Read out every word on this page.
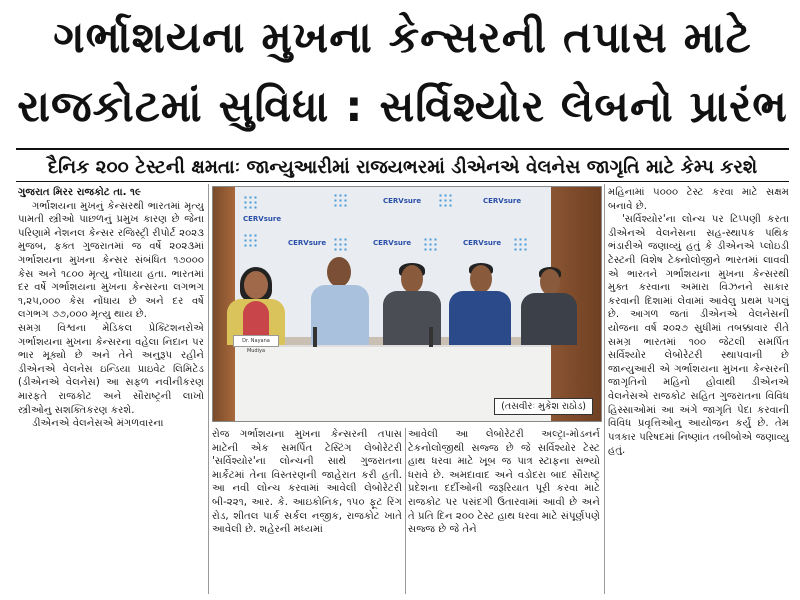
ગર્ભાશયના મુખના કેન્સરની તપાસ માટે
રાજકોટમાં સુવિધા : સર્વિશ્યોર લેબનો પ્રારંભ
દૈનિક ૨૦૦ ટેસ્ટની ક્ષમતાઃ જાન્યુઆરીમાં રાજયભરમાં ડીએનએ વેલનેસ જાગૃતિ માટે કેમ્પ કરશે

ગુજરાત મિરર રાજકોટ તા. ૧૯

ગર્ભાશયના મુખનું કેન્સરથી ભારતમાં મૃત્યુ પામતી સ્ત્રીઓ પાછળનું પ્રમુખ કારણ છે જેના પરિણામે નેશનલ કેન્સર રજિસ્ટ્રી રીપોર્ટ ૨૦૨૩ મુજબ, ફક્ત ગુજરાતમાં જ વર્ષે ૨૦૨૩માં ગર્ભાશયના મુખના કેન્સર સંબંધિત ૧૭૦૦૦ કેસ અને ૧૮૦૦ મૃત્યુ નોંધાયા હતા. ભારતમાં દર વર્ષે ગર્ભાશયના મુખના કેન્સરના લગભગ ૧,૨૫,૦૦૦ કેસ નોંધાય છે અને દર વર્ષે લગભગ ૭૭,૦૦૦ મૃત્યુ થાય છે.

સમગ્ર વિશ્વના મેડિકલ પ્રેક્ટિશનરોએ ગર્ભાશયના મુખના કેન્સરના વહેલા નિદાન પર ભાર મૂક્યો છે અને તેને અનુરૂપ રહીને ડીએનએ વેલનેસ ઇન્ડિયા પ્રાઇવેટ લિમિટેડ (ડીએનએ વેલનેસ) આ સફળ નવીનીકરણ મારફતે રાજકોટ અને સૌરાષ્ટ્રની લાખો સ્ત્રીઓનુ સશક્તિકરણ કરશે.

ડીએનએ વેલનેસએ મંગળવારના

CERVsure
CERVsure	CERVsure
CERVsure	CERVsure	CERVsure
Dr. Nayana Mudiya
(તસવીરઃ મુકેશ રાઠોડ)

રોજ ગર્ભાશયના મુખના કેન્સરની તપાસ માટેની એક સમર્પિત ટેસ્ટિંગ લેબોરેટરી 'સર્વિશ્યોર'ના લોન્ચની સાથે ગુજરાતના માર્કેટમાં તેના વિસ્તરણની જાહેરાત કરી હતી. આ નવી લોન્ચ કરવામાં આવેલી લેબોરેટરી બી-૨૨૧, આર. કે. આઇકોનિક, ૧૫૦ ફૂટ રિંગ રોડ, શીતલ પાર્ક સર્કલ નજીક, રાજકોટ ખાતે આવેલી છે. શહેરની મધ્યમાં

આવેલી આ લેબોરેટરી અલ્ટ્રા-મોડનર્ન ટેકનોલોજીથી સજ્જ છે જે સર્વિશ્યોર ટેસ્ટ હાથ ધરવા માટે ખૂબ જ પાત્ર સ્ટાફના સભ્યો ધરાવે છે. અમદાવાદ અને વડોદરા બાદ સૌરાષ્ટ્ર પ્રદેશના દર્દીઓની જરૂરિયાત પૂરી કરવા માટે રાજકોટ પર પસંદગી ઉતારવામાં આવી છે અને તે પ્રતિ દિન ૨૦૦ ટેસ્ટ હાથ ધરવા માટે સંપૂર્ણપણે સજ્જ છે જે તેને

મહિનામાં ૫૦૦૦ ટેસ્ટ કરવા માટે સક્ષમ બનાવે છે.

'સર્વિશ્યોર'ના લોન્ચ પર ટિપ્પણી કરતા ડીએનએ વેલનેસના સહ-સ્થાપક પથિક ભંડારીએ જણાવ્યું હતું કે ડીએનએ પ્લોઇડી ટેસ્ટની વિશેષ ટેક્નોલોજીને ભારતમાં લાવવી એ ભારતને ગર્ભાશયના મુખના કેન્સરથી મુક્ત કરવાના અમારા વિઝનને સાકાર કરવાની દિશામાં લેવામાં આવેલુ પ્રથમ પગલું છે. આગળ જતાં ડીએનએ વેલનેસની યોજના વર્ષ ૨૦૨૭ સુધીમાં તબક્કાવાર રીતે સમગ્ર ભારતમાં ૧૦૦ જેટલી સમર્પિત સર્વિશ્યોર લેબોરેટરી સ્થાપવાની છે જાન્યુઆરી એ ગર્ભાશયના મુખના કેન્સરની જાગૃતિનો મહિનો હોવાથી ડીએનએ વેલનેસએ રાજકોટ સહિત ગુજરાતના વિવિધ હિસ્સાઓમાં આ અંગે જાગૃતિ પેદા કરવાની વિવિધ પ્રવૃત્તિઓનુ આયોજન કર્યું છે. તેમ પત્રકાર પરિષદમાં નિષ્ણાંત તબીબોએ જણાવ્યુ હતું.
